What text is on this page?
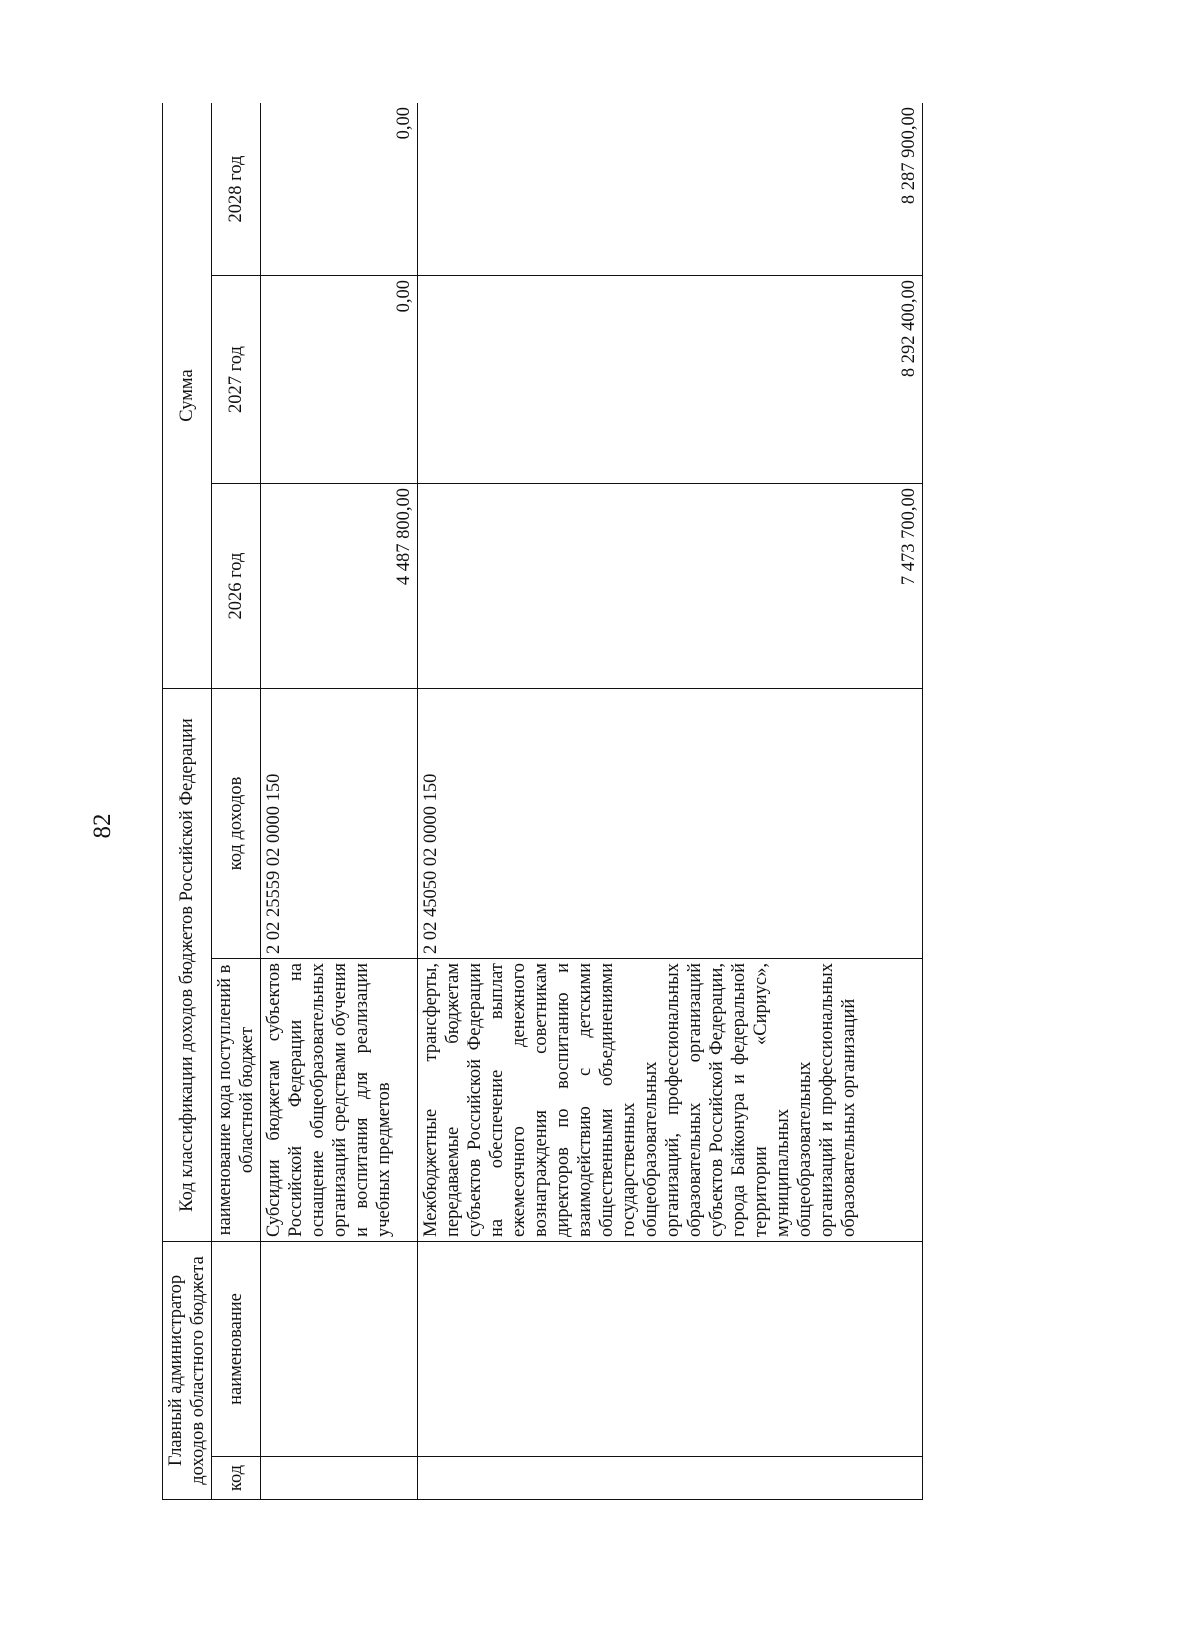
82
Главный администратор доходов областного бюджета		Код классификации доходов бюджетов Российской Федерации		Сумма		
код	наименование	наименование кода поступлений в областной бюджет	код доходов	2026 год	2027 год	2028 год
		Субсидии бюджетам субъектов Российской Федерации на оснащение общеобразовательных организаций средствами обучения и воспитания для реализации учебных предметов	2 02 25559 02 0000 150	4 487 800,00	0,00	0,00
		Межбюджетные трансферты, передаваемые бюджетам субъектов Российской Федерации на обеспечение выплат ежемесячного денежного вознаграждения советникам директоров по воспитанию и взаимодействию с детскими общественными объединениями государственных общеобразовательных организаций, профессиональных образовательных организаций субъектов Российской Федерации, города Байконура и федеральной территории «Сириус», муниципальных общеобразовательных организаций и профессиональных образовательных организаций	2 02 45050 02 0000 150	7 473 700,00	8 292 400,00	8 287 900,00
